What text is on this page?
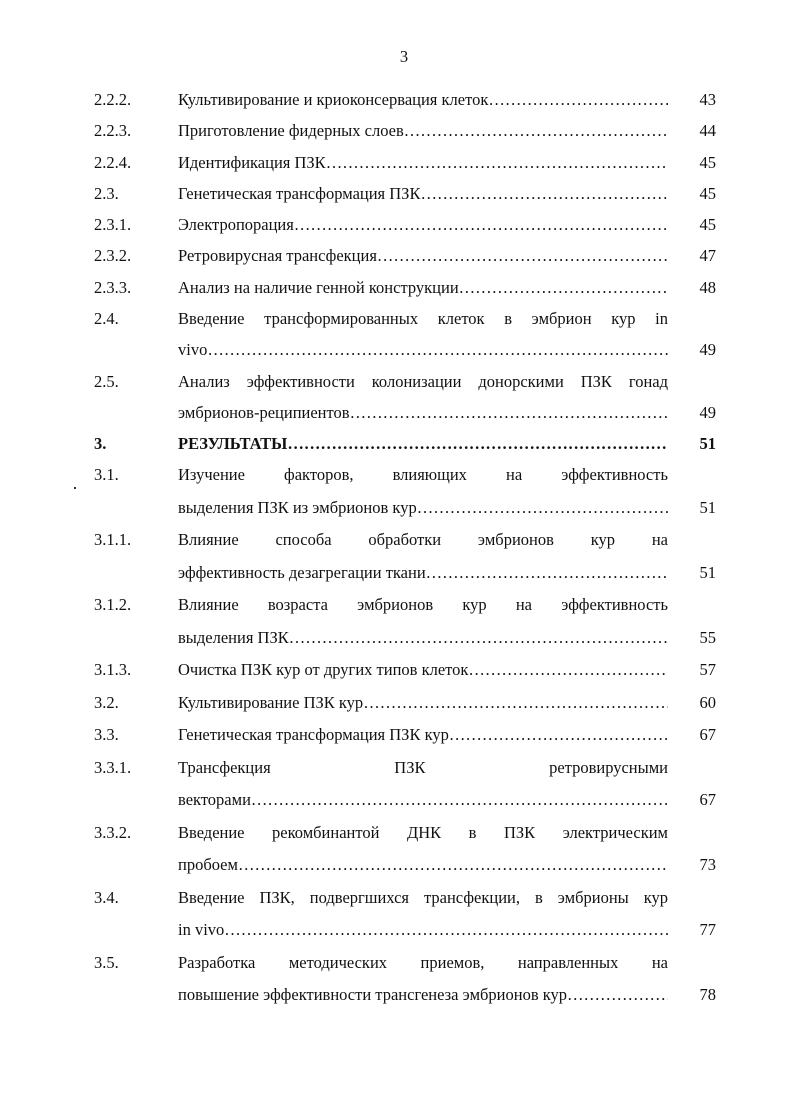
3
2.2.2.	Культивирование и криоконсервация клеток ………………………………………………………………………………………………………………	43
2.2.3.	Приготовление фидерных слоев ………………………………………………………………………………………………………………	44
2.2.4.	Идентификация ПЗК ………………………………………………………………………………………………………………	45
2.3.	Генетическая трансформация ПЗК ………………………………………………………………………………………………………………	45
2.3.1.	Электропорация ………………………………………………………………………………………………………………	45
2.3.2.	Ретровирусная трансфекция ………………………………………………………………………………………………………………	47
2.3.3.	Анализ на наличие генной конструкции ………………………………………………………………………………………………………………	48
2.4.	Введение трансформированных клеток в эмбрион кур in
vivo ………………………………………………………………………………………………………………	49
2.5.	Анализ эффективности колонизации донорскими ПЗК гонад
эмбрионов-реципиентов ………………………………………………………………………………………………………………	49
3.	РЕЗУЛЬТАТЫ ………………………………………………………………………………………………………………	51
3.1.	Изучение факторов, влияющих на эффективность
выделения ПЗК из эмбрионов кур ………………………………………………………………………………………………………………	51
3.1.1.	Влияние способа обработки эмбрионов кур на
эффективность дезагрегации ткани ………………………………………………………………………………………………………………	51
3.1.2.	Влияние возраста эмбрионов кур на эффективность
выделения ПЗК ………………………………………………………………………………………………………………	55
3.1.3.	Очистка ПЗК кур от других типов клеток ………………………………………………………………………………………………………………	57
3.2.	Культивирование ПЗК кур ………………………………………………………………………………………………………………	60
3.3.	Генетическая трансформация ПЗК кур ………………………………………………………………………………………………………………	67
3.3.1.	Трансфекция ПЗК ретровирусными
векторами ………………………………………………………………………………………………………………	67
3.3.2.	Введение рекомбинантой ДНК в ПЗК электрическим
пробоем ………………………………………………………………………………………………………………	73
3.4.	Введение ПЗК, подвергшихся трансфекции, в эмбрионы кур
in vivo ………………………………………………………………………………………………………………	77
3.5.	Разработка методических приемов, направленных на
повышение эффективности трансгенеза эмбрионов кур ………………………………………………………………………………………………………………	78
